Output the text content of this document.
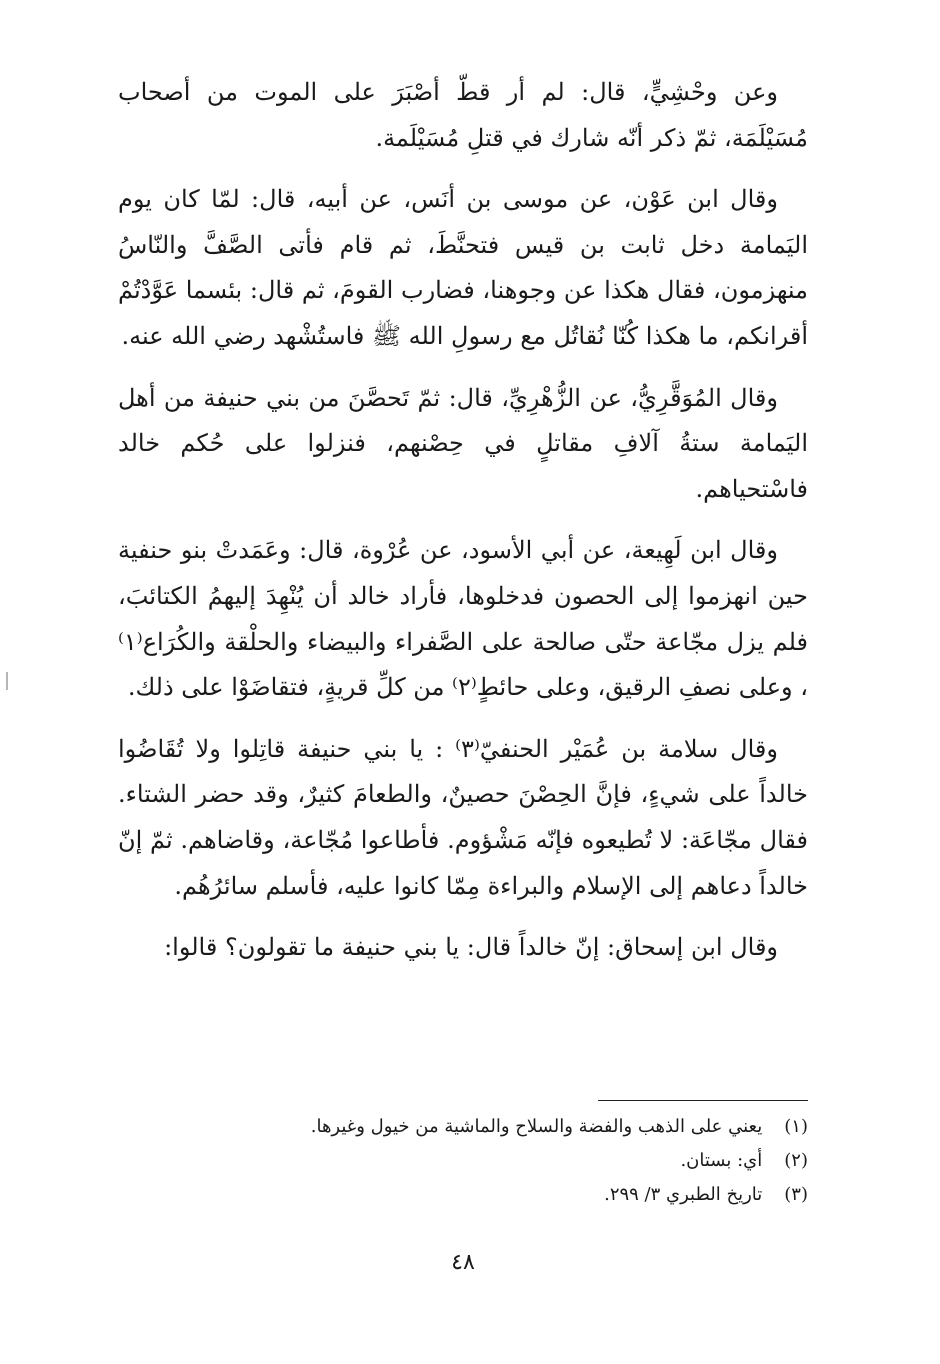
وعن وحْشِيٍّ، قال: لم أر قطّ أصْبَرَ على الموت من أصحاب مُسَيْلَمَة، ثمّ ذكر أنّه شارك في قتلِ مُسَيْلَمة.

وقال ابن عَوْن، عن موسى بن أنَس، عن أبيه، قال: لمّا كان يوم اليَمامة دخل ثابت بن قيس فتحنَّطَ، ثم قام فأتى الصَّفَّ والنّاسُ منهزمون، فقال هكذا عن وجوهنا، فضارب القومَ، ثم قال: بئسما عَوَّدْتُمْ أقرانكم، ما هكذا كُنّا نُقاتُل مع رسولِ الله ﷺ فاستُشْهد رضي الله عنه.

وقال المُوَقَّرِيُّ، عن الزُّهْرِيِّ، قال: ثمّ تَحصَّنَ من بني حنيفة من أهل اليَمامة ستةُ آلافِ مقاتلٍ في حِصْنهم، فنزلوا على حُكم خالد فاسْتحياهم.

وقال ابن لَهِيعة، عن أبي الأسود، عن عُرْوة، قال: وعَمَدتْ بنو حنفية حين انهزموا إلى الحصون فدخلوها، فأراد خالد أن يُنْهِدَ إليهمُ الكتائبَ، فلم يزل مجّاعة حتّى صالحة على الصَّفراء والبيضاء والحلْقة والكُرَاع⁽١⁾ ، وعلى نصفِ الرقيق، وعلى حائطٍ⁽٢⁾ من كلِّ قريةٍ، فتقاضَوْا على ذلك.

وقال سلامة بن عُمَيْر الحنفيّ⁽٣⁾ : يا بني حنيفة قاتِلوا ولا تُقَاضُوا خالداً على شيءٍ، فإنَّ الحِصْنَ حصينٌ، والطعامَ كثيرٌ، وقد حضر الشتاء. فقال مجّاعَة: لا تُطيعوه فإنّه مَشْؤوم. فأطاعوا مُجّاعة، وقاضاهم. ثمّ إنّ خالداً دعاهم إلى الإسلام والبراءة مِمّا كانوا عليه، فأسلم سائرُهُم.

وقال ابن إسحاق: إنّ خالداً قال: يا بني حنيفة ما تقولون؟ قالوا:

(١) يعني على الذهب والفضة والسلاح والماشية من خيول وغيرها.
(٢) أي: بستان.
(٣) تاريخ الطبري ٣/ ٢٩٩.
٤٨
